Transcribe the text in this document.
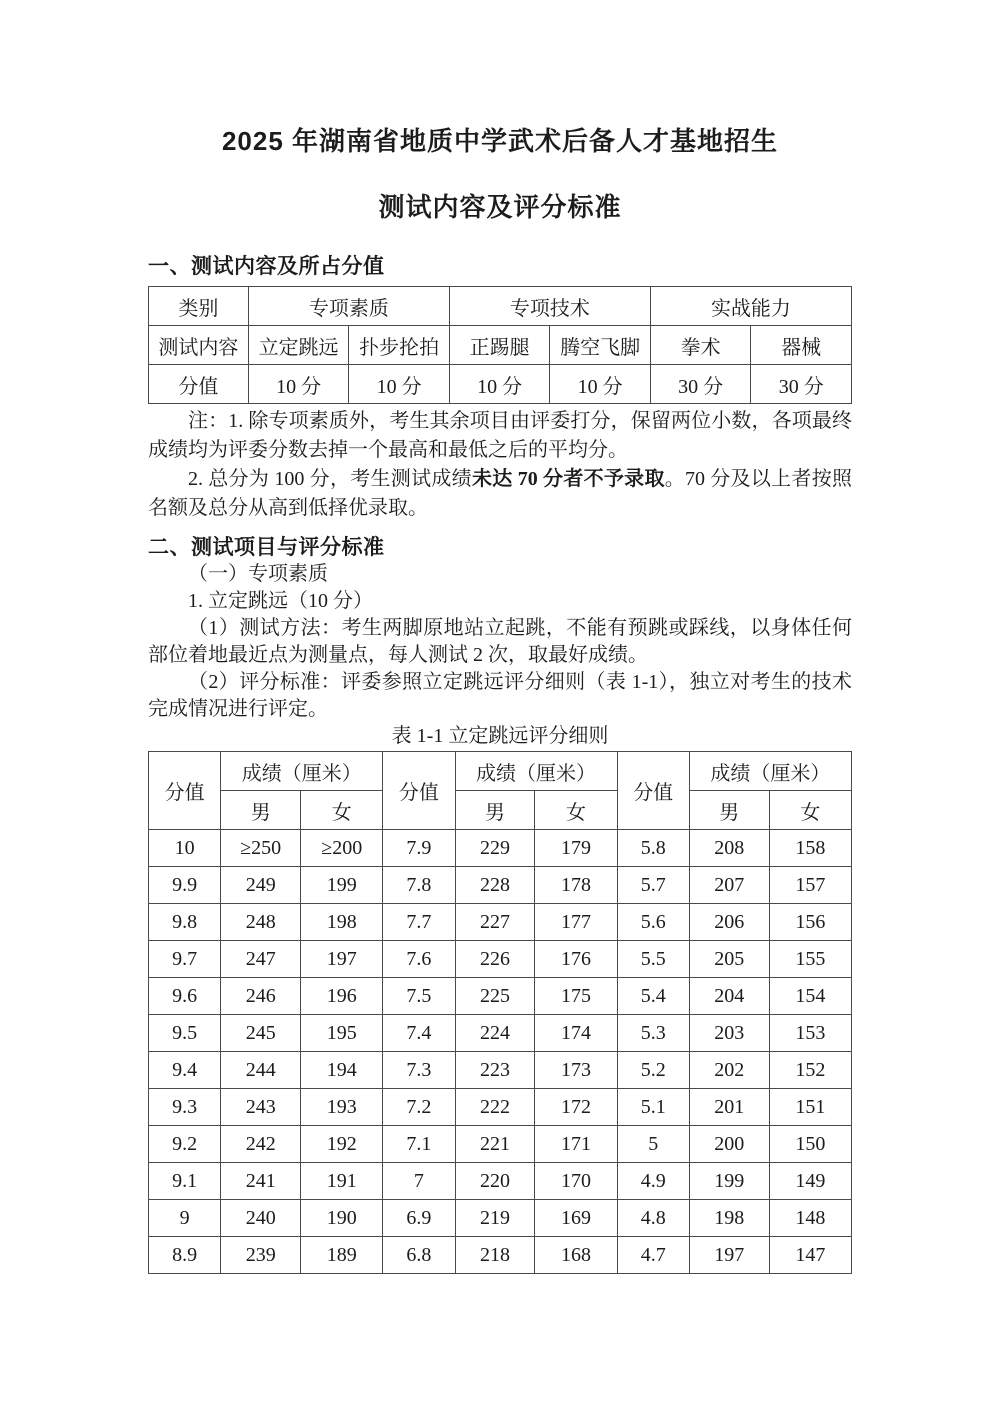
2025 年湖南省地质中学武术后备人才基地招生
测试内容及评分标准
一、测试内容及所占分值
类别	专项素质		专项技术		实战能力	
测试内容	立定跳远	扑步抡拍	正踢腿	腾空飞脚	拳术	器械
分值	10 分	10 分	10 分	10 分	30 分	30 分

注：1. 除专项素质外，考生其余项目由评委打分，保留两位小数，各项最终成绩均为评委分数去掉一个最高和最低之后的平均分。

2. 总分为 100 分，考生测试成绩未达 70 分者不予录取。70 分及以上者按照名额及总分从高到低择优录取。

二、测试项目与评分标准

（一）专项素质

1. 立定跳远（10 分）

（1）测试方法：考生两脚原地站立起跳，不能有预跳或踩线，以身体任何部位着地最近点为测量点，每人测试 2 次，取最好成绩。

（2）评分标准：评委参照立定跳远评分细则（表 1-1），独立对考生的技术完成情况进行评定。

表 1-1 立定跳远评分细则
分值	成绩（厘米）		分值	成绩（厘米）		分值	成绩（厘米）	
	男	女		男	女		男	女
10	≥250	≥200	7.9	229	179	5.8	208	158
9.9	249	199	7.8	228	178	5.7	207	157
9.8	248	198	7.7	227	177	5.6	206	156
9.7	247	197	7.6	226	176	5.5	205	155
9.6	246	196	7.5	225	175	5.4	204	154
9.5	245	195	7.4	224	174	5.3	203	153
9.4	244	194	7.3	223	173	5.2	202	152
9.3	243	193	7.2	222	172	5.1	201	151
9.2	242	192	7.1	221	171	5	200	150
9.1	241	191	7	220	170	4.9	199	149
9	240	190	6.9	219	169	4.8	198	148
8.9	239	189	6.8	218	168	4.7	197	147
